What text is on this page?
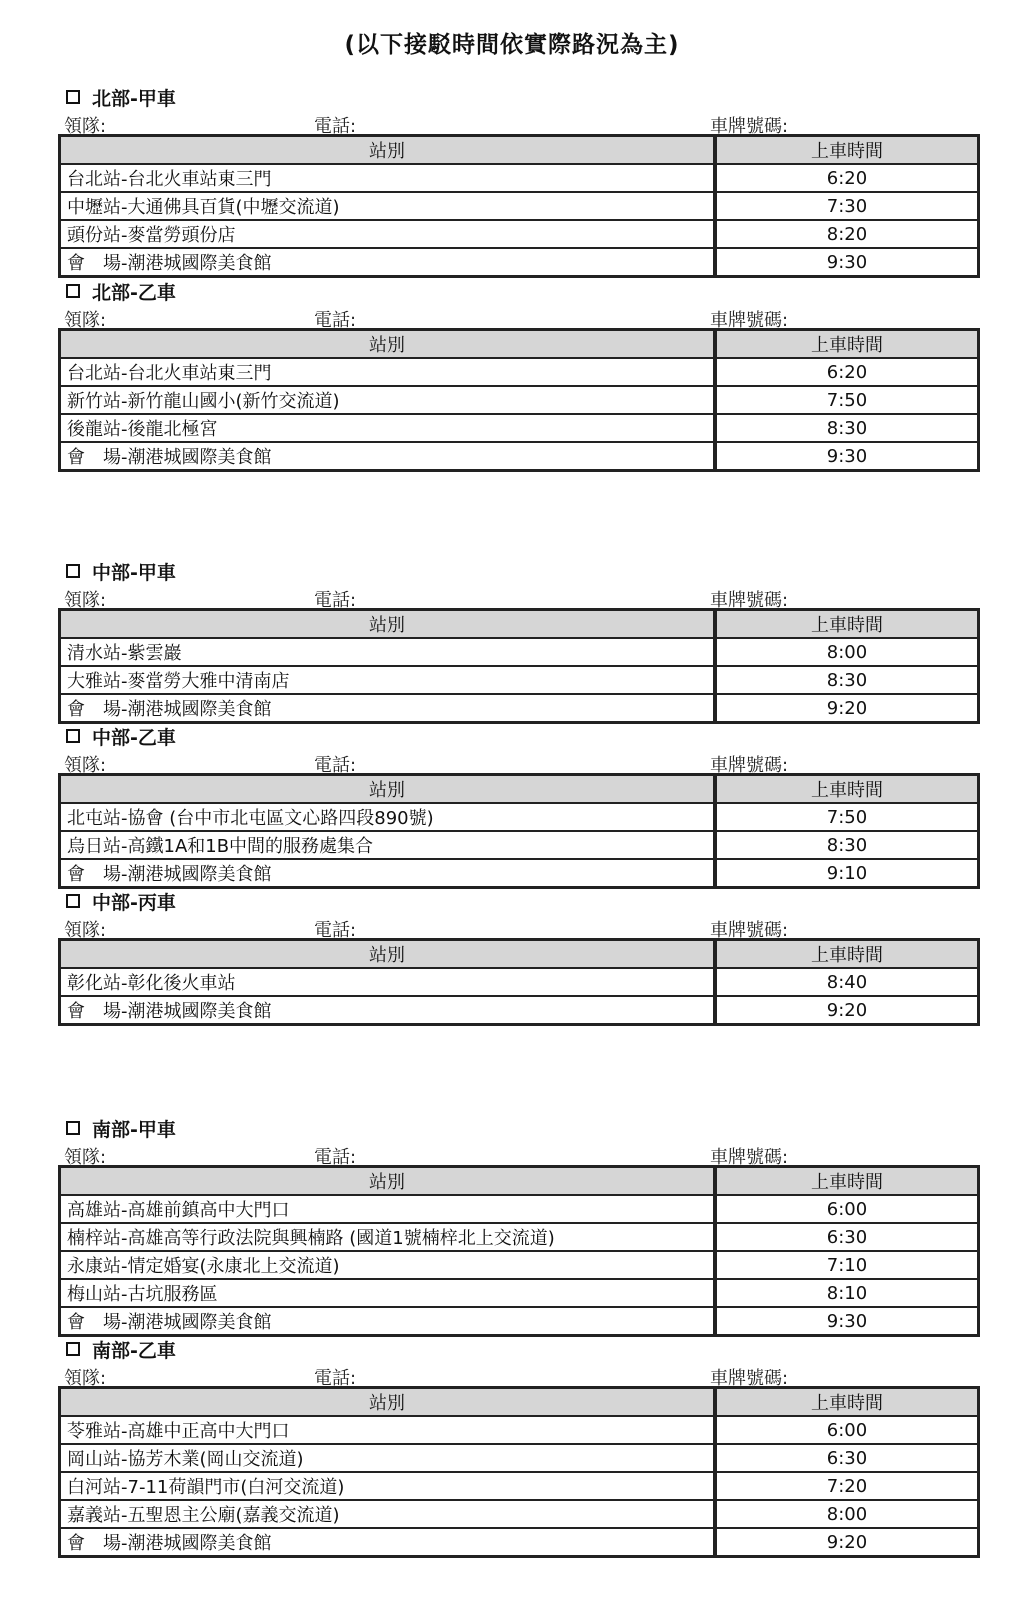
(以下接駁時間依實際路況為主)
北部-甲車
領隊:	電話:	車牌號碼:
站別	上車時間
台北站-台北火車站東三門	6:20
中壢站-大通佛具百貨(中壢交流道)	7:30
頭份站-麥當勞頭份店	8:20
會　場-潮港城國際美食館	9:30
北部-乙車
領隊:	電話:	車牌號碼:
站別	上車時間
台北站-台北火車站東三門	6:20
新竹站-新竹龍山國小(新竹交流道)	7:50
後龍站-後龍北極宮	8:30
會　場-潮港城國際美食館	9:30
中部-甲車
領隊:	電話:	車牌號碼:
站別	上車時間
清水站-紫雲巖	8:00
大雅站-麥當勞大雅中清南店	8:30
會　場-潮港城國際美食館	9:20
中部-乙車
領隊:	電話:	車牌號碼:
站別	上車時間
北屯站-協會 (台中市北屯區文心路四段890號)	7:50
烏日站-高鐵1A和1B中間的服務處集合	8:30
會　場-潮港城國際美食館	9:10
中部-丙車
領隊:	電話:	車牌號碼:
站別	上車時間
彰化站-彰化後火車站	8:40
會　場-潮港城國際美食館	9:20
南部-甲車
領隊:	電話:	車牌號碼:
站別	上車時間
高雄站-高雄前鎮高中大門口	6:00
楠梓站-高雄高等行政法院與興楠路 (國道1號楠梓北上交流道)	6:30
永康站-情定婚宴(永康北上交流道)	7:10
梅山站-古坑服務區	8:10
會　場-潮港城國際美食館	9:30
南部-乙車
領隊:	電話:	車牌號碼:
站別	上車時間
苓雅站-高雄中正高中大門口	6:00
岡山站-協芳木業(岡山交流道)	6:30
白河站-7-11荷韻門市(白河交流道)	7:20
嘉義站-五聖恩主公廟(嘉義交流道)	8:00
會　場-潮港城國際美食館	9:20
